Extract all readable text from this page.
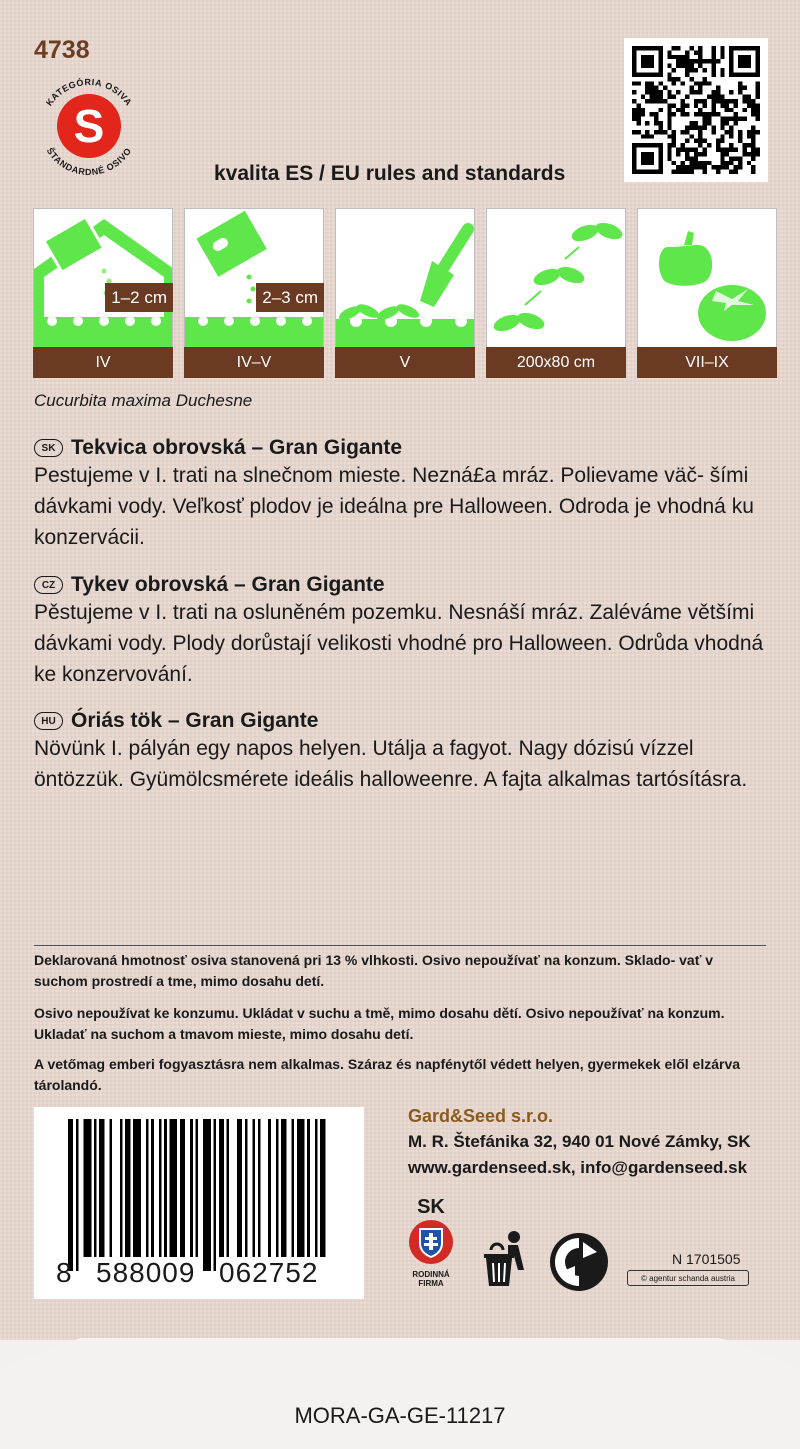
4738
S
KATEGÓRIA OSIVA
ŠTANDARDNÉ OSIVO
kvalita ES / EU rules and standards
1–2 cm
IV
2–3 cm
IV–V	V	200x80 cm	VII–IX
Cucurbita maxima Duchesne
SK Tekvica obrovská – Gran Gigante
Pestujeme v I. trati na slnečnom mieste. Nezná£a mráz. Polievame väč- šími dávkami vody. Veľkosť plodov je ideálna pre Halloween. Odroda je vhodná ku konzervácii.
CZ Tykev obrovská – Gran Gigante
Pěstujeme v I. trati na osluněném pozemku. Nesnáší mráz. Zaléváme většími dávkami vody. Plody dorůstají velikosti vhodné pro Halloween. Odrůda vhodná ke konzervování.
HU Óriás tök – Gran Gigante
Növünk I. pályán egy napos helyen. Utálja a fagyot. Nagy dózisú vízzel öntözzük. Gyümölcsmérete ideális halloweenre. A fajta alkalmas tartósításra.
Deklarovaná hmotnosť osiva stanovená pri 13 % vlhkosti. Osivo nepoužívať na konzum. Sklado- vať v suchom prostredí a tme, mimo dosahu detí.
Osivo nepoužívat ke konzumu. Ukládat v suchu a tmě, mimo dosahu dětí. Osivo nepoužívať na konzum. Ukladať na suchom a tmavom mieste, mimo dosahu detí.
A vetőmag emberi fogyasztásra nem alkalmas. Száraz és napfénytől védett helyen, gyermekek elől elzárva tárolandó.
8 588009 062752
Gard&Seed s.r.o.
M. R. Štefánika 32, 940 01 Nové Zámky, SK
www.gardenseed.sk, info@gardenseed.sk
SK
RODINNÁ
FIRMA
N 1701505
© agentur schanda austria
MORA-GA-GE-11217
